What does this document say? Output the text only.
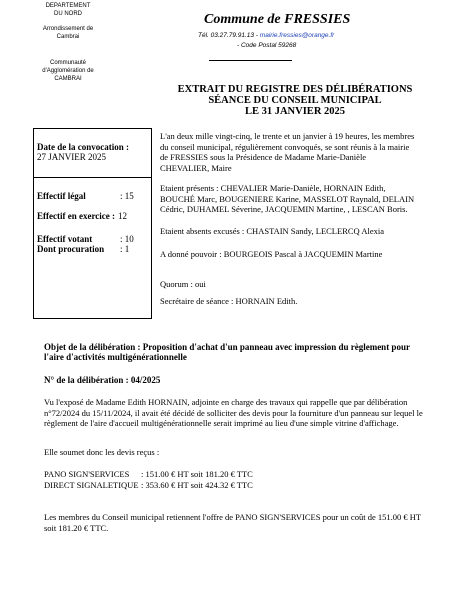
DEPARTEMENT
DU NORD
Arrondissement de
Cambrai
Communauté
d'Agglomération de
CAMBRAI
Commune de FRESSIES
Tél. 03.27.79.91.13 - mairie.fressies@orange.fr
- Code Postal 59268
EXTRAIT DU REGISTRE DES DÉLIBÉRATIONS
SÉANCE DU CONSEIL MUNICIPAL
LE 31 JANVIER 2025
Date de la convocation :
27 JANVIER 2025
Effectif légal	: 15
Effectif en exercice : 12
Effectif votant	: 10
Dont procuration	: 1
L'an deux mille vingt-cinq, le trente et un janvier à 19 heures, les membres du conseil municipal, régulièrement convoqués, se sont réunis à la mairie de FRESSIES sous la Présidence de Madame Marie-Danièle CHEVALIER, Maire
Etaient présents : CHEVALIER Marie-Danièle, HORNAIN Edith, BOUCHÉ Marc, BOUGENIERE Karine, MASSELOT Raynald, DELAIN Cédric, DUHAMEL Séverine, JACQUEMIN Martine, , LESCAN Boris.
Etaient absents excusés : CHASTAIN Sandy, LECLERCQ Alexia
A donné pouvoir : BOURGEOIS Pascal à JACQUEMIN Martine
Quorum : oui
Secrétaire de séance : HORNAIN Edith.
Objet de la délibération : Proposition d'achat d'un panneau avec impression du règlement pour l'aire d'activités multigénérationnelle
N° de la délibération : 04/2025
Vu l'exposé de Madame Edith HORNAIN, adjointe en charge des travaux qui rappelle que par délibération n°72/2024 du 15/11/2024, il avait été décidé de solliciter des devis pour la fourniture d'un panneau sur lequel le règlement de l'aire d'accueil multigénérationnelle serait imprimé au lieu d'une simple vitrine d'affichage.
Elle soumet donc les devis reçus :
PANO SIGN'SERVICES	: 151.00 € HT soit 181.20 € TTC
DIRECT SIGNALETIQUE : 353.60 € HT soit 424.32 € TTC
Les membres du Conseil municipal retiennent l'offre de PANO SIGN'SERVICES pour un coût de 151.00 € HT soit 181.20 € TTC.
